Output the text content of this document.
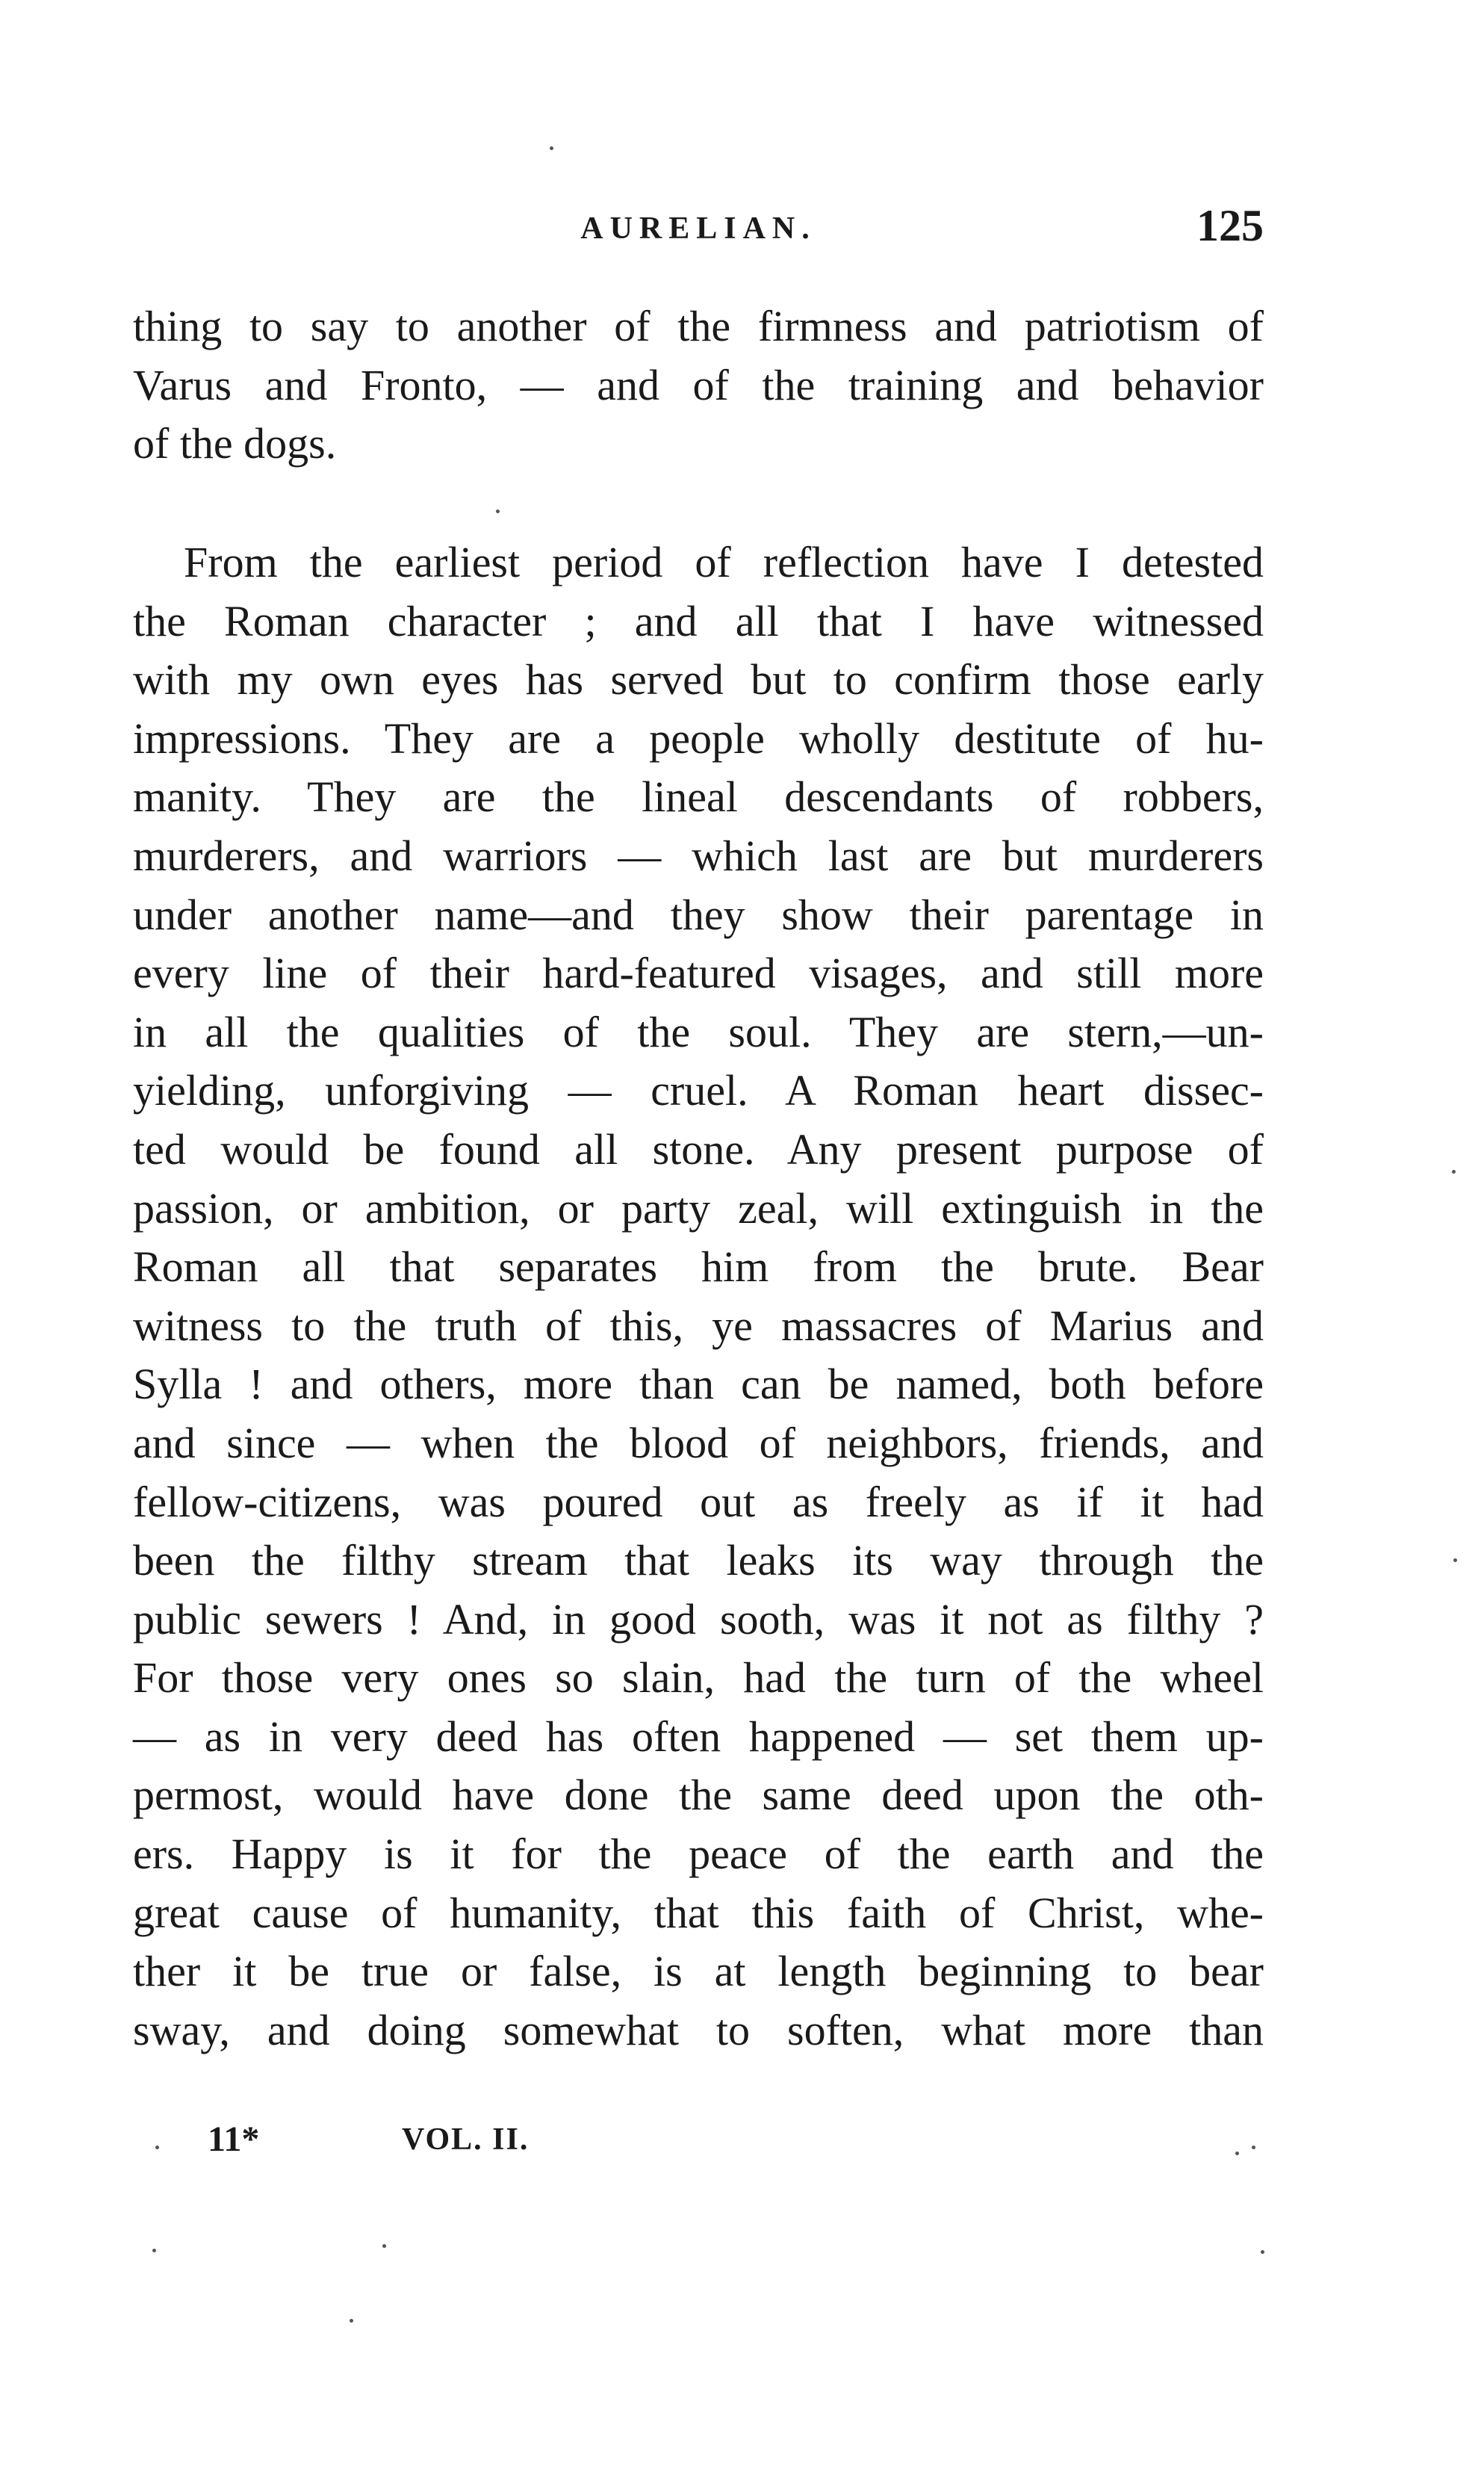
AURELIAN.	125
thing to say to another of the firmness and patriotism of
Varus and Fronto, — and of the training and behavior
of the dogs.
From the earliest period of reflection have I detested
the Roman character ; and all that I have witnessed
with my own eyes has served but to confirm those early
impressions. They are a people wholly destitute of hu-
manity. They are the lineal descendants of robbers,
murderers, and warriors — which last are but murderers
under another name—and they show their parentage in
every line of their hard-featured visages, and still more
in all the qualities of the soul. They are stern,—un-
yielding, unforgiving — cruel. A Roman heart dissec-
ted would be found all stone. Any present purpose of
passion, or ambition, or party zeal, will extinguish in the
Roman all that separates him from the brute. Bear
witness to the truth of this, ye massacres of Marius and
Sylla ! and others, more than can be named, both before
and since — when the blood of neighbors, friends, and
fellow-citizens, was poured out as freely as if it had
been the filthy stream that leaks its way through the
public sewers ! And, in good sooth, was it not as filthy ?
For those very ones so slain, had the turn of the wheel
— as in very deed has often happened — set them up-
permost, would have done the same deed upon the oth-
ers. Happy is it for the peace of the earth and the
great cause of humanity, that this faith of Christ, whe-
ther it be true or false, is at length beginning to bear
sway, and doing somewhat to soften, what more than
11*	VOL. II.
